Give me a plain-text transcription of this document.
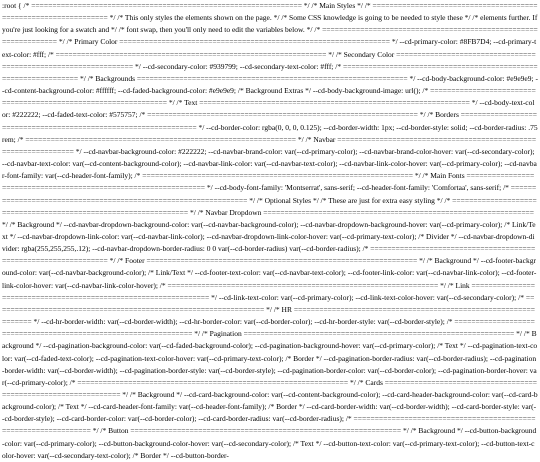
:root { /* ================================================================ */ /* Main Styles */ /* ================================================================ */ /* This only styles the elements shown on the page. */ /* Some CSS knowledge is going to be needed to style these */ /* elements further. If you're just looking for a swatch and */ /* font swap, then you'll only need to edit the variables below. */ /* ================================================================ */ /* Primary Color ================================================================ */ --cd-primary-color: #8FB7D4; --cd-primary-text-color: #fff; /* ================================================================ */ /* Secondary Color ================================================================ */ --cd-secondary-color: #939799; --cd-secondary-text-color: #fff; /* ================================================================ */ /* Backgrounds ================================================================ */ --cd-body-background-color: #e9e9e9; --cd-content-background-color: #ffffff; --cd-faded-background-color: #e9e9e9; /* Background Extras */ --cd-body-background-image: url(); /* ================================================================ */ /* Text ================================================================ */ --cd-body-text-color: #222222; --cd-faded-text-color: #575757; /* ================================================================ */ /* Borders ================================================================ */ --cd-border-color: rgba(0, 0, 0, 0.125); --cd-border-width: 1px; --cd-border-style: solid; --cd-border-radius: .75rem; /* ================================================================ */ /* Navbar ================================================================ */ --cd-navbar-background-color: #222222; --cd-navbar-brand-color: var(--cd-primary-color); --cd-navbar-brand-color-hover: var(--cd-secondary-color); --cd-navbar-text-color: var(--cd-content-background-color); --cd-navbar-link-color: var(--cd-navbar-text-color); --cd-navbar-link-color-hover: var(--cd-primary-color); --cd-navbar-font-family: var(--cd-header-font-family); /* ================================================================ */ /* Main Fonts ================================================================ */ --cd-body-font-family: 'Montserrat', sans-serif; --cd-header-font-family: 'Comfortaa', sans-serif; /* ================================================================ */ /* Optional Styles */ /* These are just for extra easy styling */ /* ================================================================ */ /* Navbar Dropdown ================================================================ */ /* Background */ --cd-navbar-dropdown-background-color: var(--cd-navbar-background-color); --cd-navbar-dropdown-background-hover: var(--cd-primary-color); /* Link/Text */ --cd-navbar-dropdown-link-color: var(--cd-navbar-link-color); --cd-navbar-dropdown-link-color-hover: var(--cd-primary-text-color); /* Divider */ --cd-navbar-dropdown-divider: rgba(255,255,255,.12); --cd-navbar-dropdown-border-radius: 0 0 var(--cd-border-radius) var(--cd-border-radius); /* ================================================================ */ /* Footer ================================================================ */ /* Background */ --cd-footer-background-color: var(--cd-navbar-background-color); /* Link/Text */ --cd-footer-text-color: var(--cd-navbar-text-color); --cd-footer-link-color: var(--cd-navbar-link-color); --cd-footer-link-color-hover: var(--cd-navbar-link-color-hover); /* ================================================================ */ /* Link ================================================================ */ --cd-link-text-color: var(--cd-primary-color); --cd-link-text-color-hover: var(--cd-secondary-color); /* ================================================================ */ /* HR ================================================================ */ --cd-hr-border-width: var(--cd-border-width); --cd-hr-border-color: var(--cd-border-color); --cd-hr-border-style: var(--cd-border-style); /* ================================================================ */ /* Pagination ================================================================ */ /* Background */ --cd-pagination-background-color: var(--cd-faded-background-color); --cd-pagination-background-hover: var(--cd-primary-color); /* Text */ --cd-pagination-text-color: var(--cd-faded-text-color); --cd-pagination-text-color-hover: var(--cd-primary-text-color); /* Border */ --cd-pagination-border-radius: var(--cd-border-radius); --cd-pagination-border-width: var(--cd-border-width); --cd-pagination-border-style: var(--cd-border-style); --cd-pagination-border-color: var(--cd-border-color); --cd-pagination-border-hover: var(--cd-primary-color); /* ================================================================ */ /* Cards ================================================================ */ /* Background */ --cd-card-background-color: var(--cd-content-background-color); --cd-card-header-background-color: var(--cd-card-background-color); /* Text */ --cd-card-header-font-family: var(--cd-header-font-family); /* Border */ --cd-card-border-width: var(--cd-border-width); --cd-card-border-style: var(--cd-border-style); --cd-card-border-color: var(--cd-border-color); --cd-card-border-radius: var(--cd-border-radius); /* ================================================================ */ /* Button ================================================================ */ /* Background */ --cd-button-background-color: var(--cd-primary-color); --cd-button-background-color-hover: var(--cd-secondary-color); /* Text */ --cd-button-text-color: var(--cd-primary-text-color); --cd-button-text-color-hover: var(--cd-secondary-text-color); /* Border */ --cd-button-border-
